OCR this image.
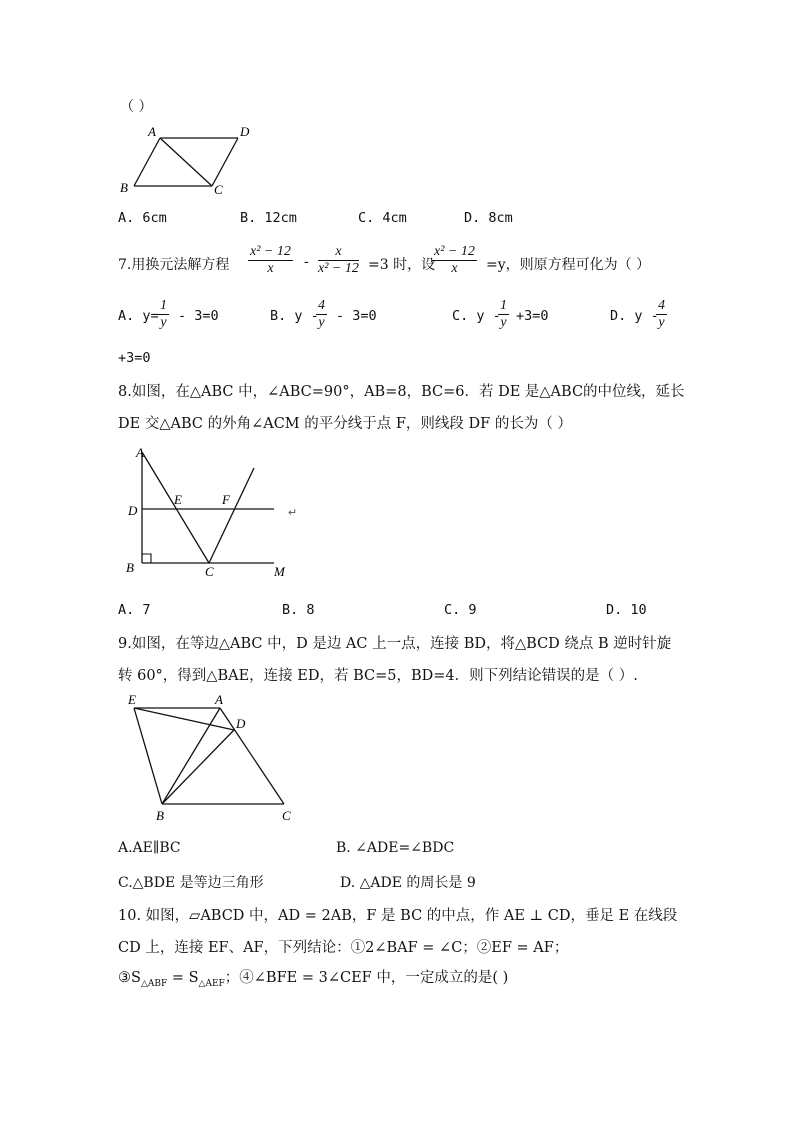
（ ）
A	D
B	C
A. 6cm	B. 12cm	C. 4cm	D. 8cm
7.用换元法解方程 $\frac{\text{x² − 12}}{x} - \frac{x}{\text{x² − 12}} =3$ 时，设
$\frac{\text{x² − 12}}{x} =y$，则原方程可化为（ ）
A. $y= \frac{1}{y} - 3=0$	B. y -
$\frac{4}{y} - 3=0$	C. y -
$\frac{1}{y} +3=0$	D. y -
$\frac{4}{y}$
+3=0
8.如图，在△ABC 中，∠ABC=90°，AB=8，BC=6．若 DE 是△ABC的中位线，延长
DE 交△ABC 的外角∠ACM 的平分线于点 F，则线段 DF 的长为（ ）
A
D
E	F
B	C	M
↵
A. 7	B. 8	C. 9	D. 10
9.如图，在等边△ABC 中，D 是边 AC 上一点，连接 BD，将△BCD 绕点 B 逆时针旋
转 60°，得到△BAE，连接 ED，若 BC=5，BD=4．则下列结论错误的是（ ）.
E	A
D
B	C
A.AE∥BC	B. ∠ADE=∠BDC
C.△BDE 是等边三角形	D. △ADE 的周长是 9
10. 如图，▱ABCD 中，AD = 2AB，F 是 BC 的中点，作 AE ⊥ CD，垂足 E 在线段
CD 上，连接 EF、AF，下列结论：①2∠BAF = ∠C；②EF = AF；
$③S_{\triangle ABF} = S_{\triangle AEF}$；④∠BFE = 3∠CEF 中，一定成立的是( )
